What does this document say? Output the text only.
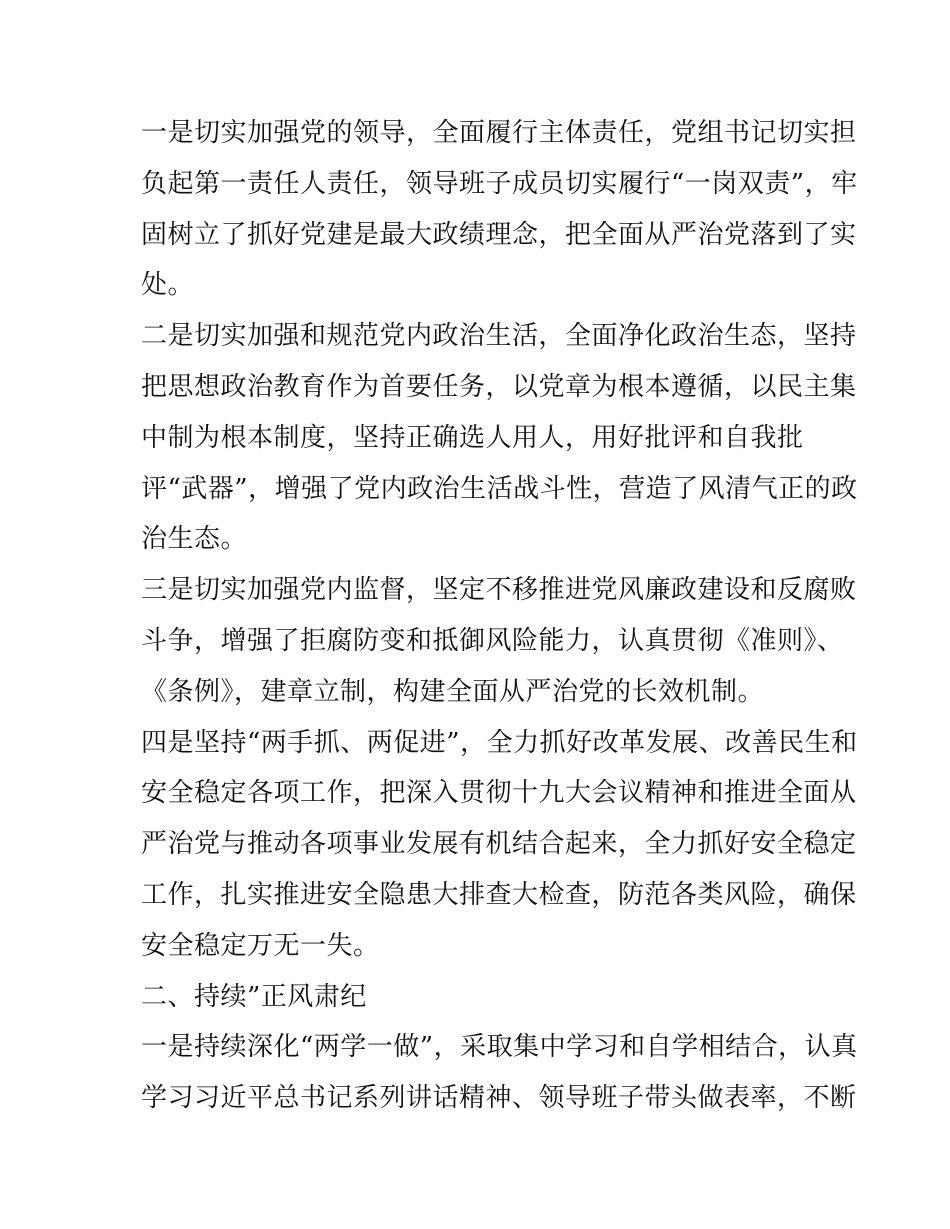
一是切实加强党的领导，全面履行主体责任，党组书记切实担
负起第一责任人责任，领导班子成员切实履行“一岗双责”，牢
固树立了抓好党建是最大政绩理念，把全面从严治党落到了实
处。
二是切实加强和规范党内政治生活，全面净化政治生态，坚持
把思想政治教育作为首要任务，以党章为根本遵循，以民主集
中制为根本制度，坚持正确选人用人，用好批评和自我批
评“武器”，增强了党内政治生活战斗性，营造了风清气正的政
治生态。
三是切实加强党内监督，坚定不移推进党风廉政建设和反腐败
斗争，增强了拒腐防变和抵御风险能力，认真贯彻《准则》、
《条例》，建章立制，构建全面从严治党的长效机制。
四是坚持“两手抓、两促进”，全力抓好改革发展、改善民生和
安全稳定各项工作，把深入贯彻十九大会议精神和推进全面从
严治党与推动各项事业发展有机结合起来，全力抓好安全稳定
工作，扎实推进安全隐患大排查大检查，防范各类风险，确保
安全稳定万无一失。
二、持续”正风肃纪
一是持续深化“两学一做”，采取集中学习和自学相结合，认真
学习习近平总书记系列讲话精神、领导班子带头做表率，不断
